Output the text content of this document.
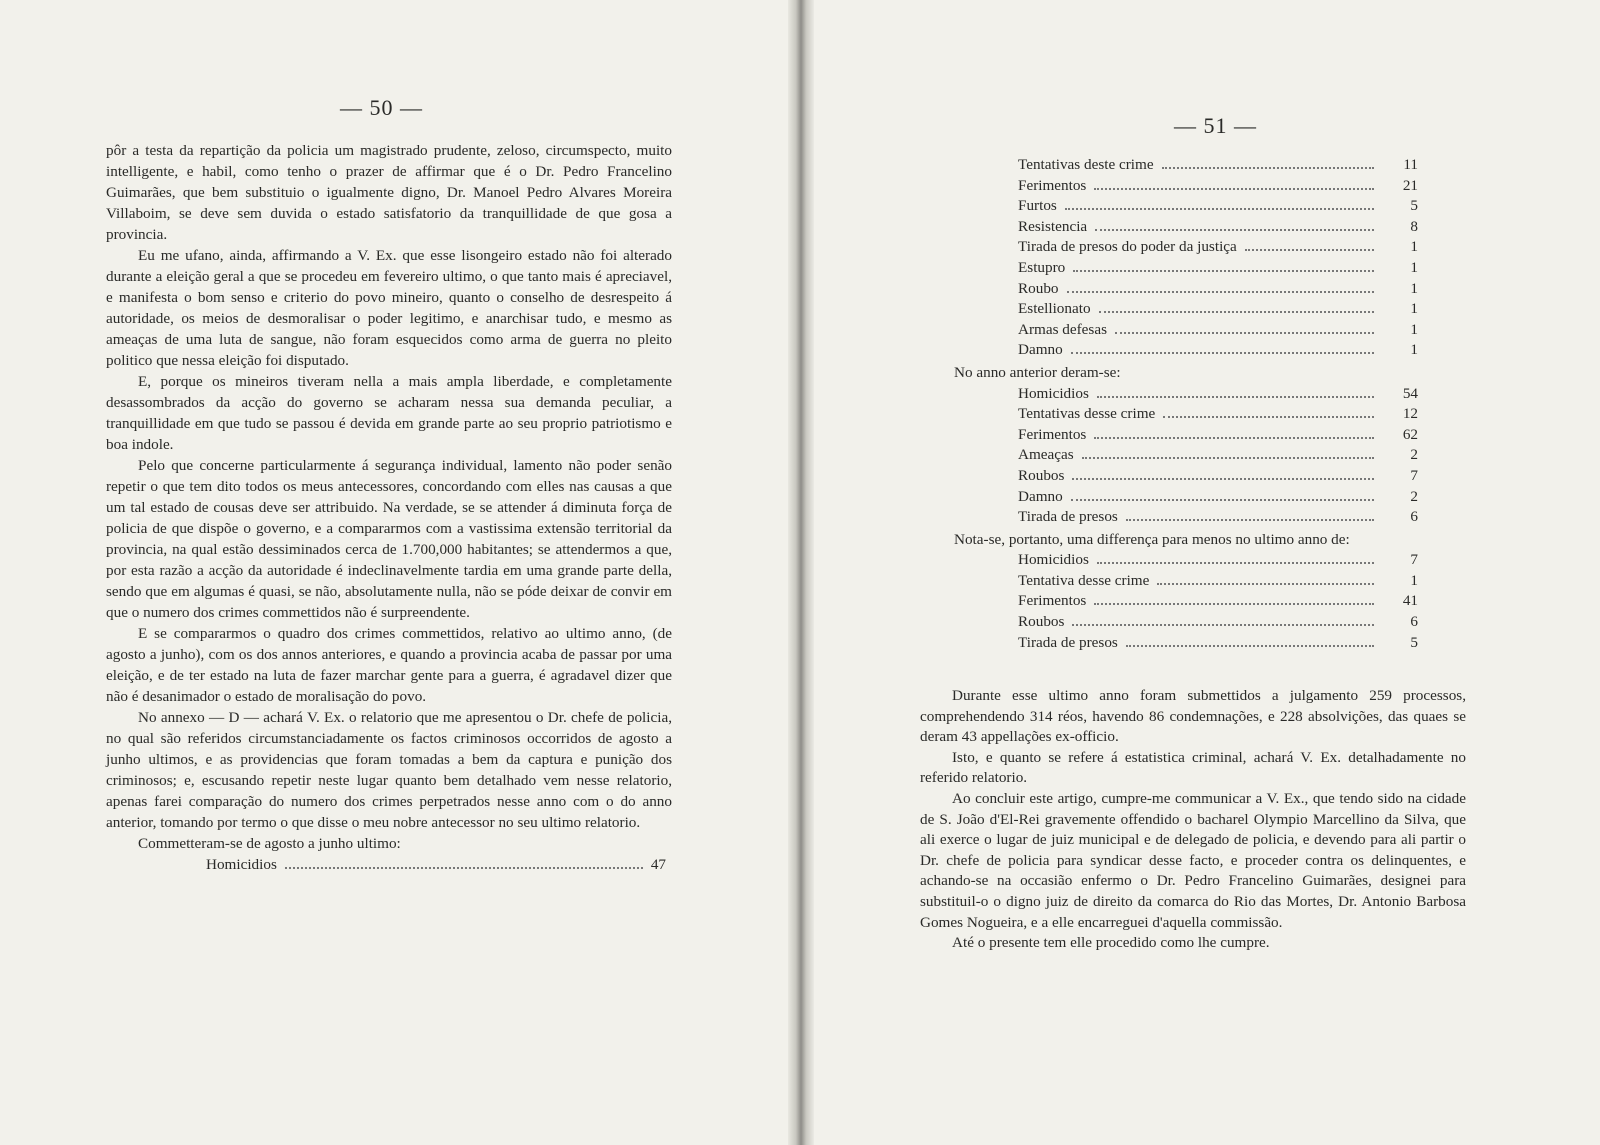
— 50 —

pôr a testa da repartição da policia um magistrado prudente, zeloso, circumspecto, muito intelligente, e habil, como tenho o prazer de affirmar que é o Dr. Pedro Francelino Guimarães, que bem substituio o igualmente digno, Dr. Manoel Pedro Alvares Moreira Villaboim, se deve sem duvida o estado satisfatorio da tranquillidade de que gosa a provincia.

Eu me ufano, ainda, affirmando a V. Ex. que esse lisongeiro estado não foi alterado durante a eleição geral a que se procedeu em fevereiro ultimo, o que tanto mais é apreciavel, e manifesta o bom senso e criterio do povo mineiro, quanto o conselho de desrespeito á autoridade, os meios de desmoralisar o poder legitimo, e anarchisar tudo, e mesmo as ameaças de uma luta de sangue, não foram esquecidos como arma de guerra no pleito politico que nessa eleição foi disputado.

E, porque os mineiros tiveram nella a mais ampla liberdade, e completamente desassombrados da acção do governo se acharam nessa sua demanda peculiar, a tranquillidade em que tudo se passou é devida em grande parte ao seu proprio patriotismo e boa indole.

Pelo que concerne particularmente á segurança individual, lamento não poder senão repetir o que tem dito todos os meus antecessores, concordando com elles nas causas a que um tal estado de cousas deve ser attribuido. Na verdade, se se attender á diminuta força de policia de que dispõe o governo, e a compararmos com a vastissima extensão territorial da provincia, na qual estão dessiminados cerca de 1.700,000 habitantes; se attendermos a que, por esta razão a acção da autoridade é indeclinavelmente tardia em uma grande parte della, sendo que em algumas é quasi, se não, absolutamente nulla, não se póde deixar de convir em que o numero dos crimes commettidos não é surpreendente.

E se compararmos o quadro dos crimes commettidos, relativo ao ultimo anno, (de agosto a junho), com os dos annos anteriores, e quando a provincia acaba de passar por uma eleição, e de ter estado na luta de fazer marchar gente para a guerra, é agradavel dizer que não é desanimador o estado de moralisação do povo.

No annexo — D — achará V. Ex. o relatorio que me apresentou o Dr. chefe de policia, no qual são referidos circumstanciadamente os factos criminosos occorridos de agosto a junho ultimos, e as providencias que foram tomadas a bem da captura e punição dos criminosos; e, escusando repetir neste lugar quanto bem detalhado vem nesse relatorio, apenas farei comparação do numero dos crimes perpetrados nesse anno com o do anno anterior, tomando por termo o que disse o meu nobre antecessor no seu ultimo relatorio.

Commetteram-se de agosto a junho ultimo:

Homicidios	47
— 51 —
Tentativas deste crime	11
Ferimentos	21
Furtos	5
Resistencia	8
Tirada de presos do poder da justiça	1
Estupro	1
Roubo	1
Estellionato	1
Armas defesas	1
Damno	1
No anno anterior deram-se:
Homicidios	54
Tentativas desse crime	12
Ferimentos	62
Ameaças	2
Roubos	7
Damno	2
Tirada de presos	6
Nota-se, portanto, uma differença para menos no ultimo anno de:
Homicidios	7
Tentativa desse crime	1
Ferimentos	41
Roubos	6
Tirada de presos	5

Durante esse ultimo anno foram submettidos a julgamento 259 processos, comprehendendo 314 réos, havendo 86 condemnações, e 228 absolvições, das quaes se deram 43 appellações ex-officio.

Isto, e quanto se refere á estatistica criminal, achará V. Ex. detalhadamente no referido relatorio.

Ao concluir este artigo, cumpre-me communicar a V. Ex., que tendo sido na cidade de S. João d'El-Rei gravemente offendido o bacharel Olympio Marcellino da Silva, que ali exerce o lugar de juiz municipal e de delegado de policia, e devendo para ali partir o Dr. chefe de policia para syndicar desse facto, e proceder contra os delinquentes, e achando-se na occasião enfermo o Dr. Pedro Francelino Guimarães, designei para substituil-o o digno juiz de direito da comarca do Rio das Mortes, Dr. Antonio Barbosa Gomes Nogueira, e a elle encarreguei d'aquella commissão.

Até o presente tem elle procedido como lhe cumpre.
